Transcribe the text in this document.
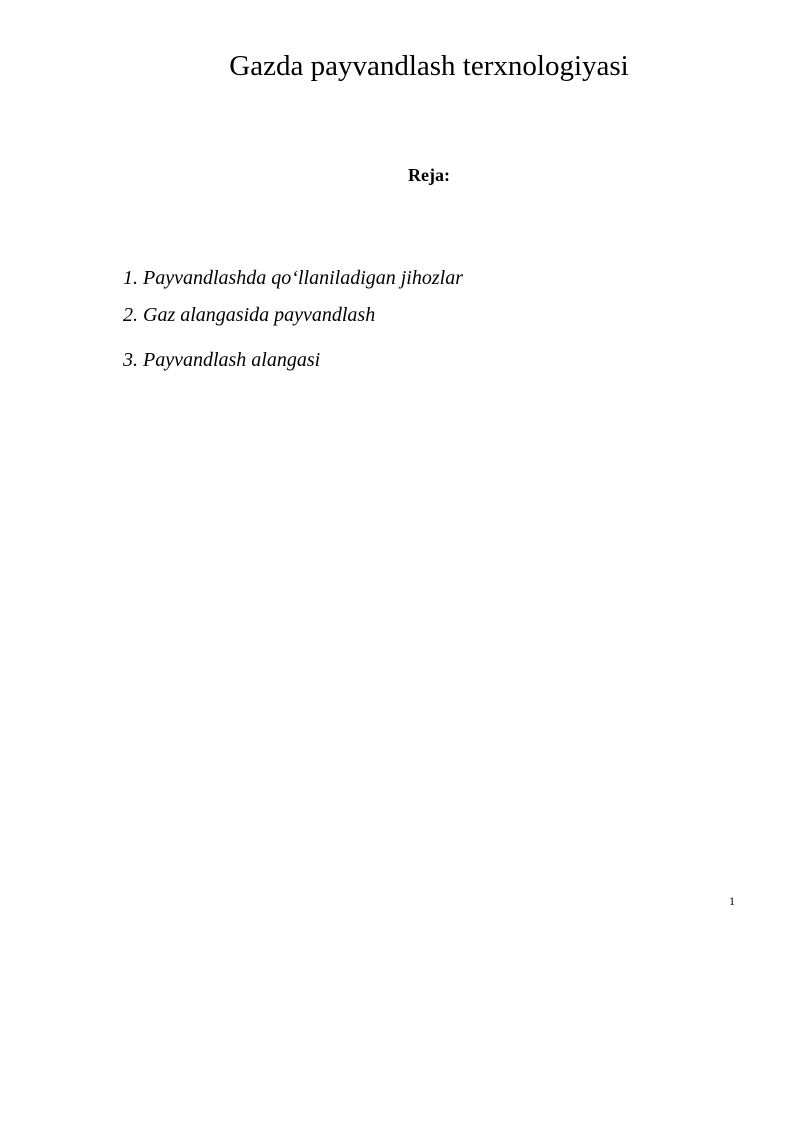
Gazda payvandlash terxnologiyasi
Reja:
1. Payvandlashda qo‘llaniladigan jihozlar
2. Gaz alangasida payvandlash
3. Payvandlash alangasi
1
